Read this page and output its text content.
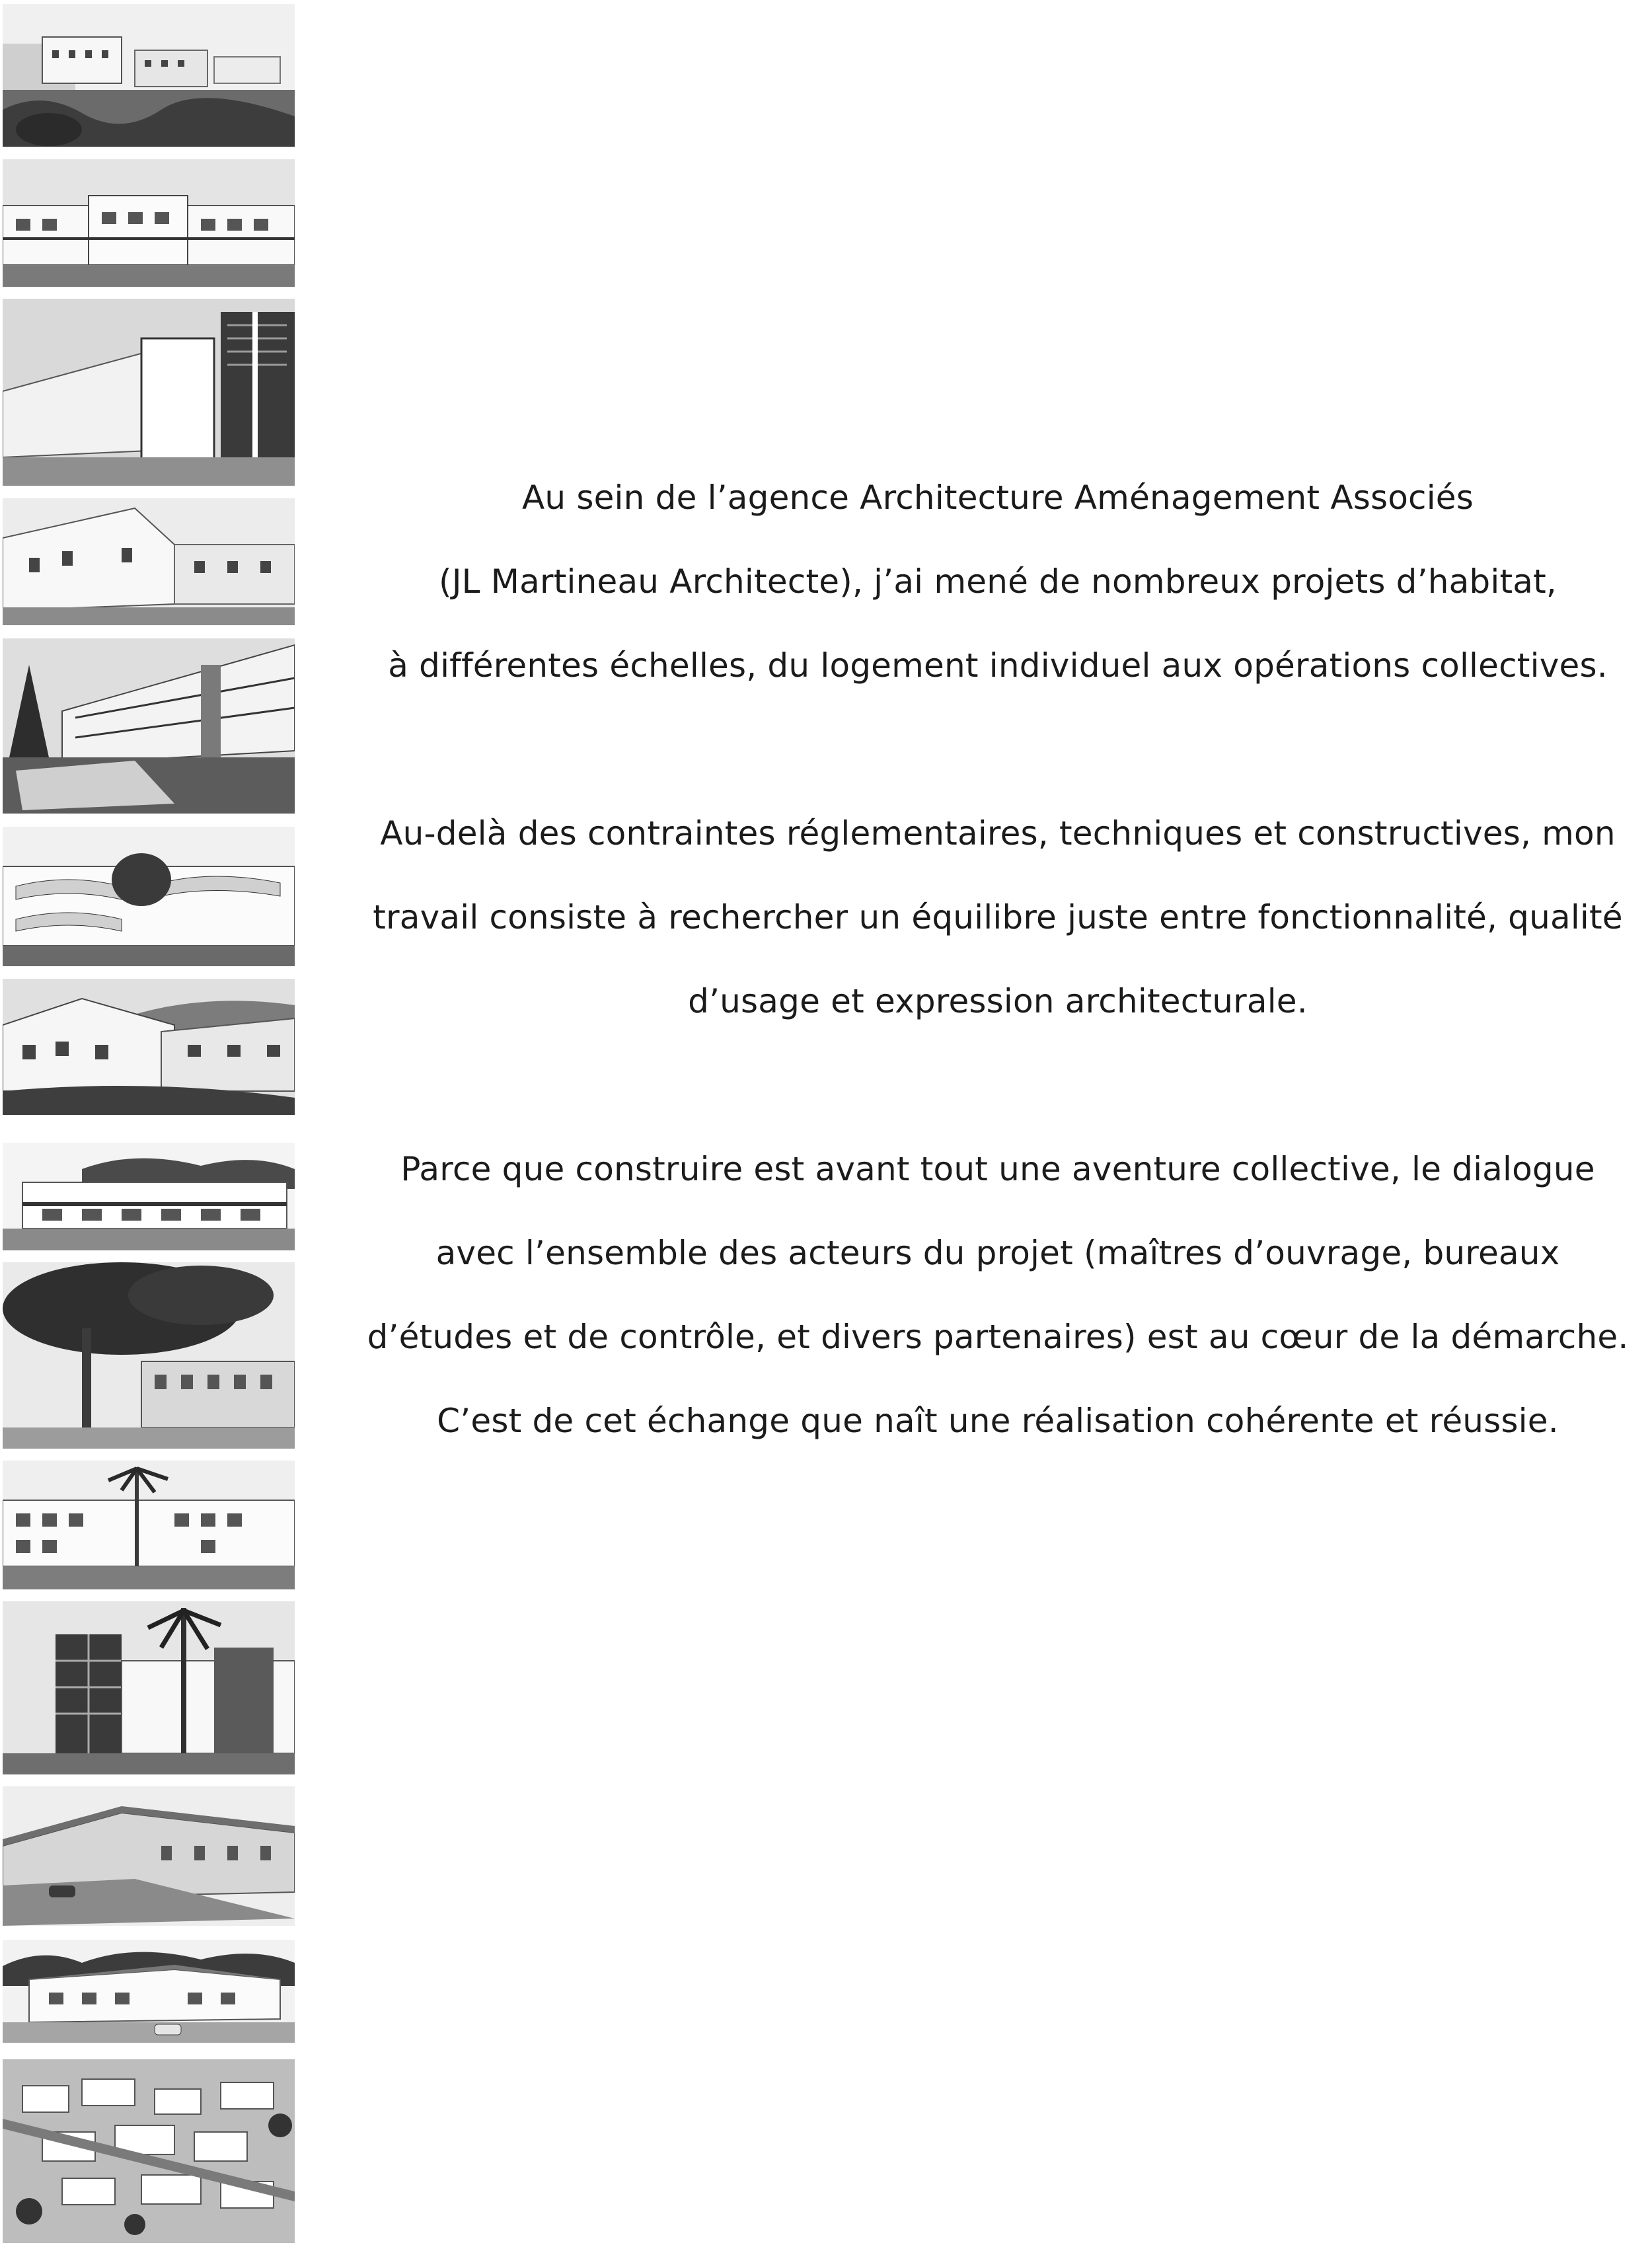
Au sein de l’agence Architecture Aménagement Associés
(JL Martineau Architecte), j’ai mené de nombreux projets d’habitat,
à différentes échelles, du logement individuel aux opérations collectives.
Au-delà des contraintes réglementaires, techniques et constructives, mon
travail consiste à rechercher un équilibre juste entre fonctionnalité, qualité
d’usage et expression architecturale.
Parce que construire est avant tout une aventure collective, le dialogue
avec l’ensemble des acteurs du projet (maîtres d’ouvrage, bureaux
d’études et de contrôle, et divers partenaires) est au cœur de la démarche.
C’est de cet échange que naît une réalisation cohérente et réussie.
